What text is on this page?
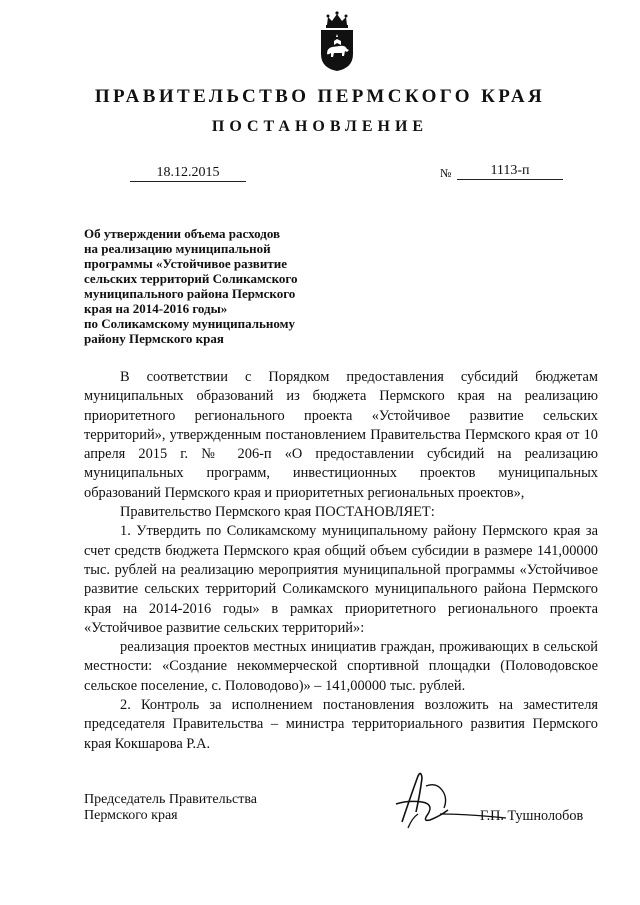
ПРАВИТЕЛЬСТВО ПЕРМСКОГО КРАЯ
ПОСТАНОВЛЕНИЕ
18.12.2015	№	1113-п
Об утверждении объема расходов
на реализацию муниципальной
программы «Устойчивое развитие
сельских территорий Соликамского
муниципального района Пермского
края на 2014-2016 годы»
по Соликамскому муниципальному
району Пермского края

В соответствии с Порядком предоставления субсидий бюджетам муниципальных образований из бюджета Пермского края на реализацию приоритетного регионального проекта «Устойчивое развитие сельских территорий», утвержденным постановлением Правительства Пермского края от 10 апреля 2015 г. № 206-п «О предоставлении субсидий на реализацию муниципальных программ, инвестиционных проектов муниципальных образований Пермского края и приоритетных региональных проектов»,

Правительство Пермского края ПОСТАНОВЛЯЕТ:

1. Утвердить по Соликамскому муниципальному району Пермского края за счет средств бюджета Пермского края общий объем субсидии в размере 141,00000 тыс. рублей на реализацию мероприятия муниципальной программы «Устойчивое развитие сельских территорий Соликамского муниципального района Пермского края на 2014-2016 годы» в рамках приоритетного регионального проекта «Устойчивое развитие сельских территорий»:

реализация проектов местных инициатив граждан, проживающих в сельской местности: «Создание некоммерческой спортивной площадки (Половодовское сельское поселение, с. Половодово)» – 141,00000 тыс. рублей.

2. Контроль за исполнением постановления возложить на заместителя председателя Правительства – министра территориального развития Пермского края Кокшарова Р.А.

Председатель Правительства
Пермского края	Г.П. Тушнолобов
